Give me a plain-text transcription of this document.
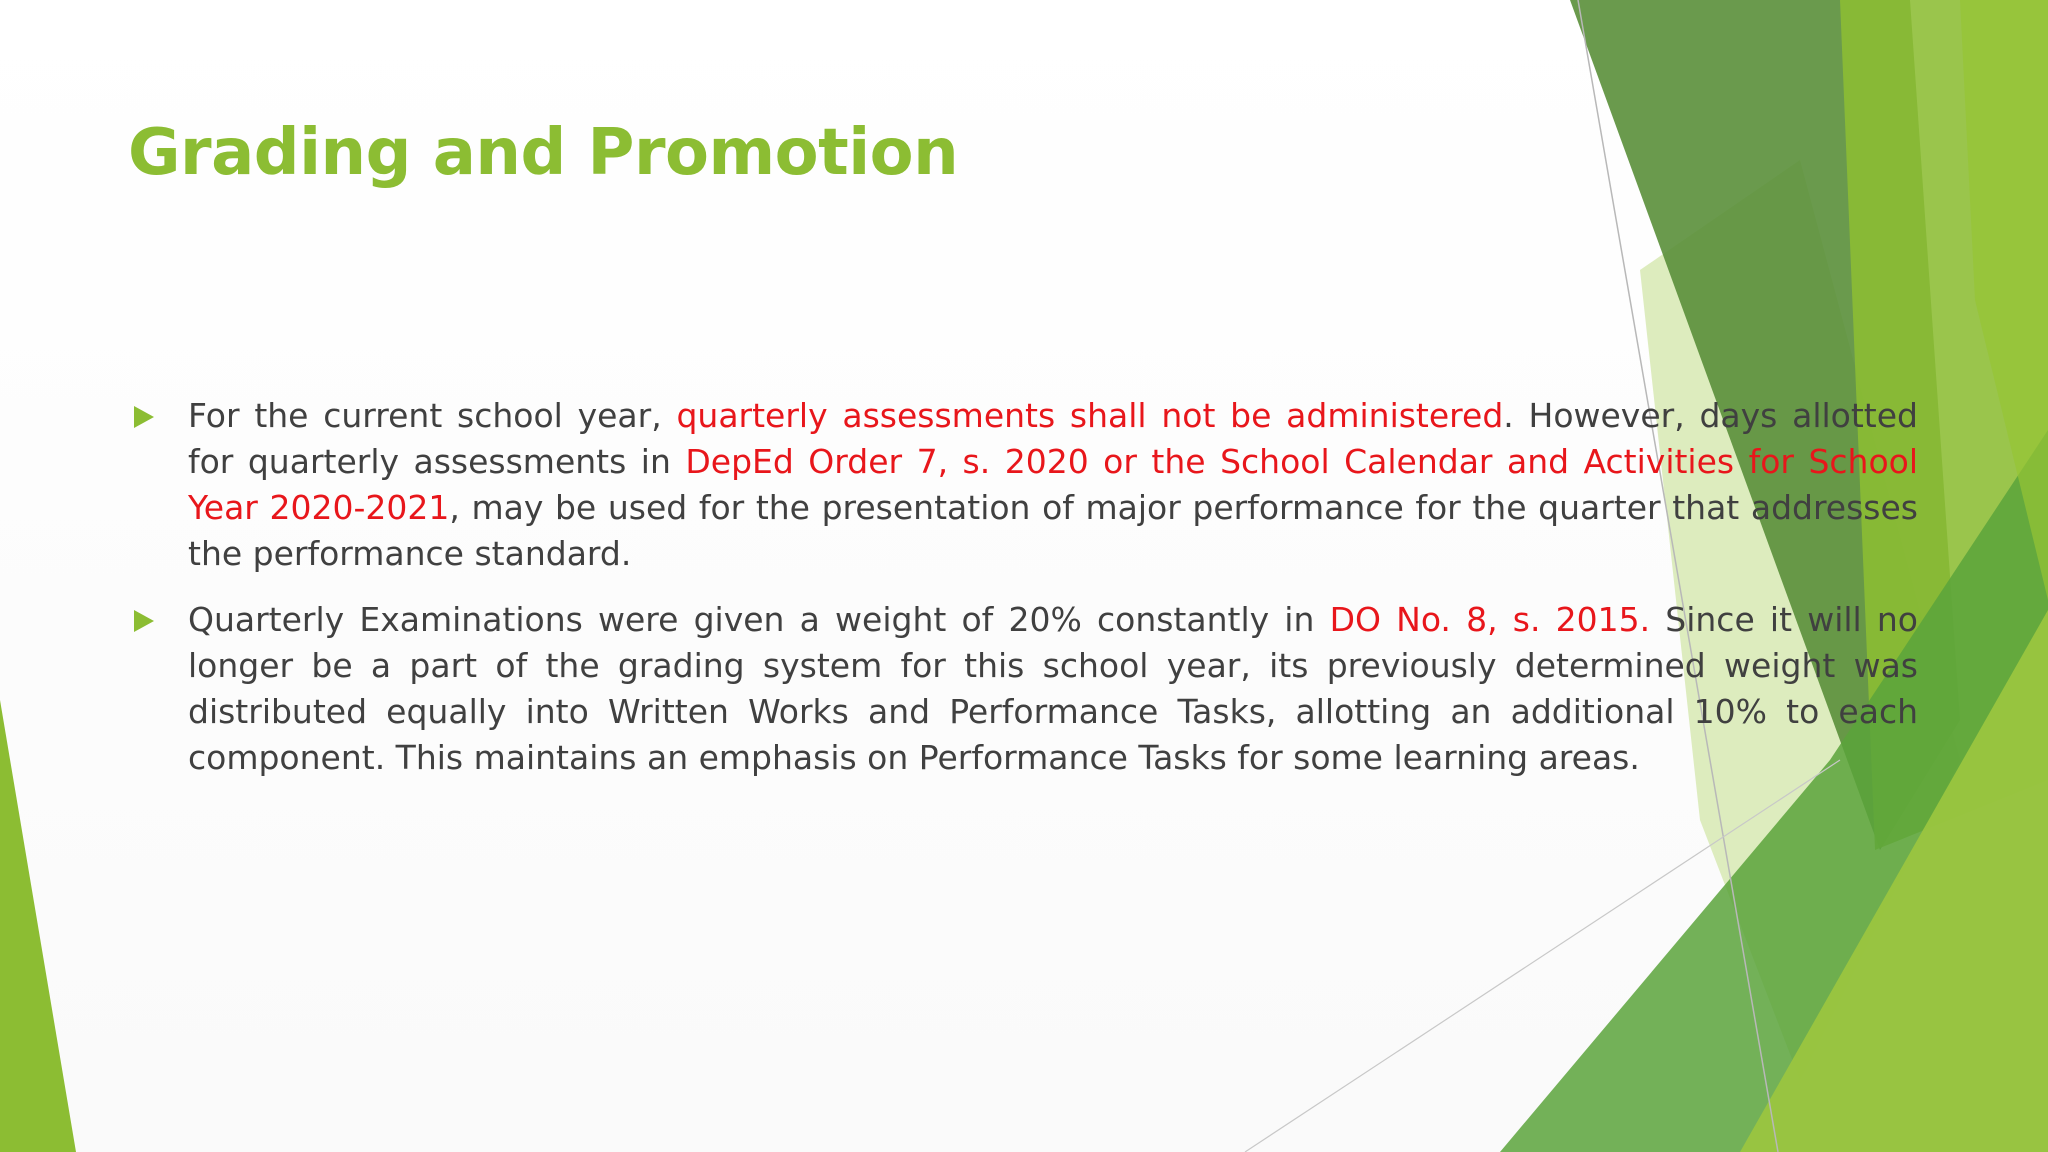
Grading and Promotion
For the current school year, quarterly assessments shall not be administered. However, days allotted for quarterly assessments in DepEd Order 7, s. 2020 or the School Calendar and Activities for School Year 2020-2021, may be used for the presentation of major performance for the quarter that addresses the performance standard.
Quarterly Examinations were given a weight of 20% constantly in DO No. 8, s. 2015. Since it will no longer be a part of the grading system for this school year, its previously determined weight was distributed equally into Written Works and Performance Tasks, allotting an additional 10% to each component. This maintains an emphasis on Performance Tasks for some learning areas.
